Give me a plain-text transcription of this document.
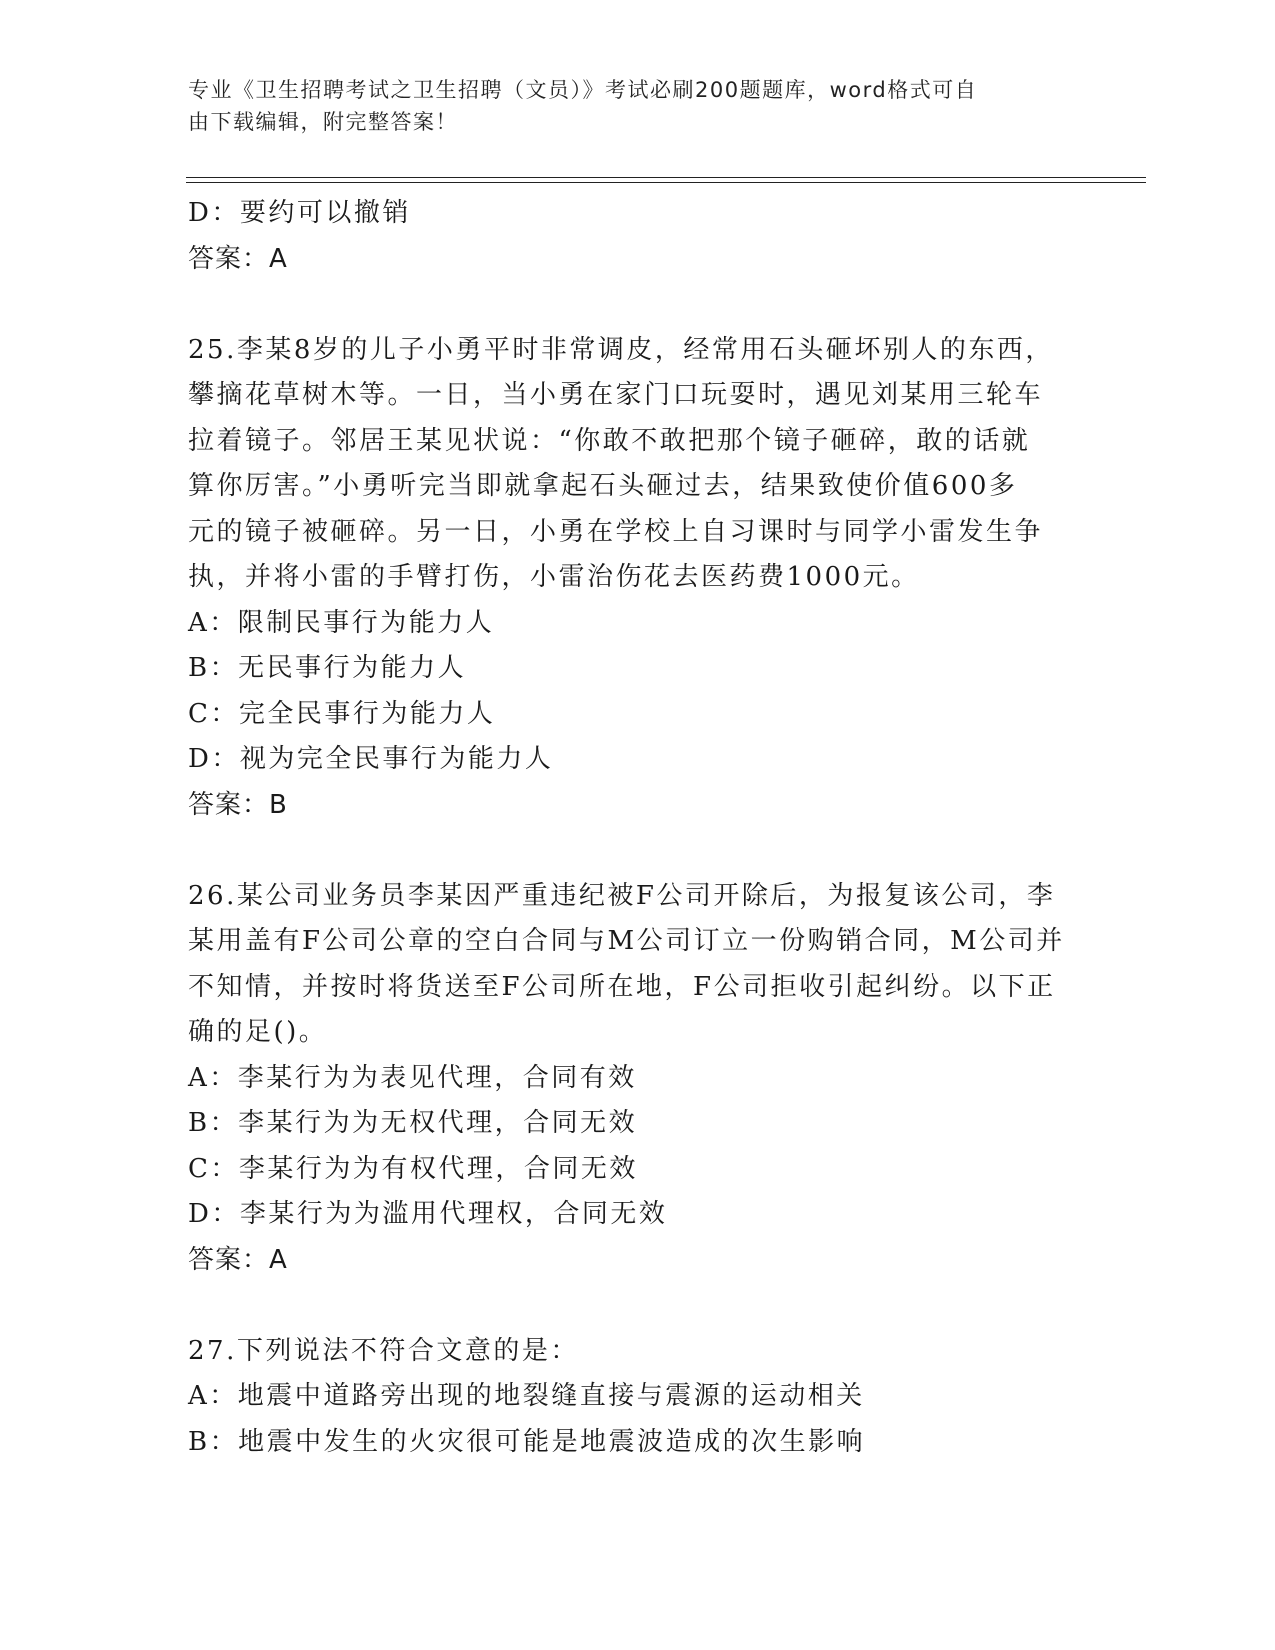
专业《卫生招聘考试之卫生招聘（文员）》考试必刷200题题库，word格式可自
由下载编辑，附完整答案！
D：要约可以撤销
答案：A
25.李某8岁的儿子小勇平时非常调皮，经常用石头砸坏别人的东西，
攀摘花草树木等。一日，当小勇在家门口玩耍时，遇见刘某用三轮车
拉着镜子。邻居王某见状说：“你敢不敢把那个镜子砸碎，敢的话就
算你厉害。”小勇听完当即就拿起石头砸过去，结果致使价值600多
元的镜子被砸碎。另一日，小勇在学校上自习课时与同学小雷发生争
执，并将小雷的手臂打伤，小雷治伤花去医药费1000元。
A：限制民事行为能力人
B：无民事行为能力人
C：完全民事行为能力人
D：视为完全民事行为能力人
答案：B
26.某公司业务员李某因严重违纪被F公司开除后，为报复该公司，李
某用盖有F公司公章的空白合同与M公司订立一份购销合同，M公司并
不知情，并按时将货送至F公司所在地，F公司拒收引起纠纷。以下正
确的足()。
A：李某行为为表见代理，合同有效
B：李某行为为无权代理，合同无效
C：李某行为为有权代理，合同无效
D：李某行为为滥用代理权，合同无效
答案：A
27.下列说法不符合文意的是：
A：地震中道路旁出现的地裂缝直接与震源的运动相关
B：地震中发生的火灾很可能是地震波造成的次生影响
